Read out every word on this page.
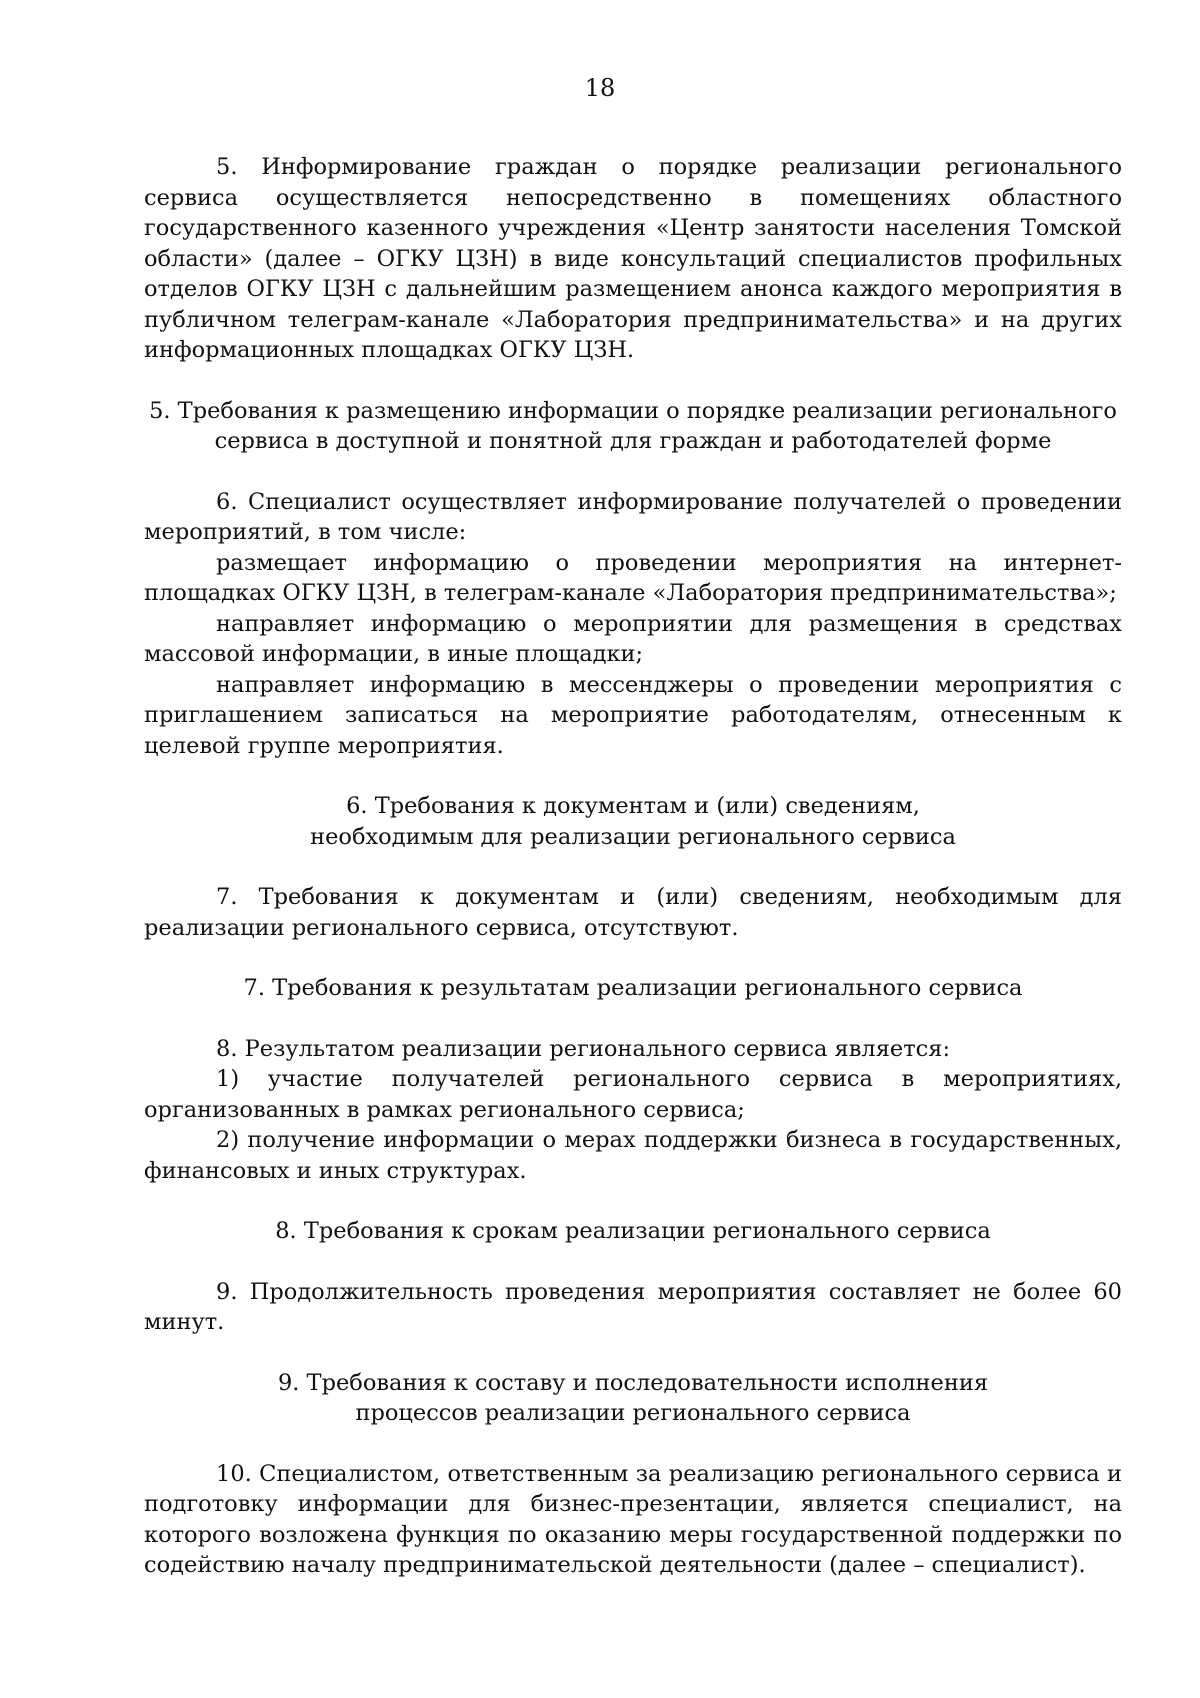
18

5. Информирование граждан о порядке реализации регионального сервиса осуществляется непосредственно в помещениях областного государственного казенного учреждения «Центр занятости населения Томской области» (далее – ОГКУ ЦЗН) в виде консультаций специалистов профильных отделов ОГКУ ЦЗН с дальнейшим размещением анонса каждого мероприятия в публичном телеграм-канале «Лаборатория предпринимательства» и на других информационных площадках ОГКУ ЦЗН.

5. Требования к размещению информации о порядке реализации регионального

сервиса в доступной и понятной для граждан и работодателей форме

6. Специалист осуществляет информирование получателей о проведении мероприятий, в том числе:

размещает информацию о проведении мероприятия на интернет-площадках ОГКУ ЦЗН, в телеграм-канале «Лаборатория предпринимательства»;

направляет информацию о мероприятии для размещения в средствах массовой информации, в иные площадки;

направляет информацию в мессенджеры о проведении мероприятия с приглашением записаться на мероприятие работодателям, отнесенным к целевой группе мероприятия.

6. Требования к документам и (или) сведениям,

необходимым для реализации регионального сервиса

7. Требования к документам и (или) сведениям, необходимым для реализации регионального сервиса, отсутствуют.

7. Требования к результатам реализации регионального сервиса

8. Результатом реализации регионального сервиса является:

1) участие получателей регионального сервиса в мероприятиях, организованных в рамках регионального сервиса;

2) получение информации о мерах поддержки бизнеса в государственных, финансовых и иных структурах.

8. Требования к срокам реализации регионального сервиса

9. Продолжительность проведения мероприятия составляет не более 60 минут.

9. Требования к составу и последовательности исполнения

процессов реализации регионального сервиса

10. Специалистом, ответственным за реализацию регионального сервиса и подготовку информации для бизнес-презентации, является специалист, на которого возложена функция по оказанию меры государственной поддержки по содействию началу предпринимательской деятельности (далее – специалист).
